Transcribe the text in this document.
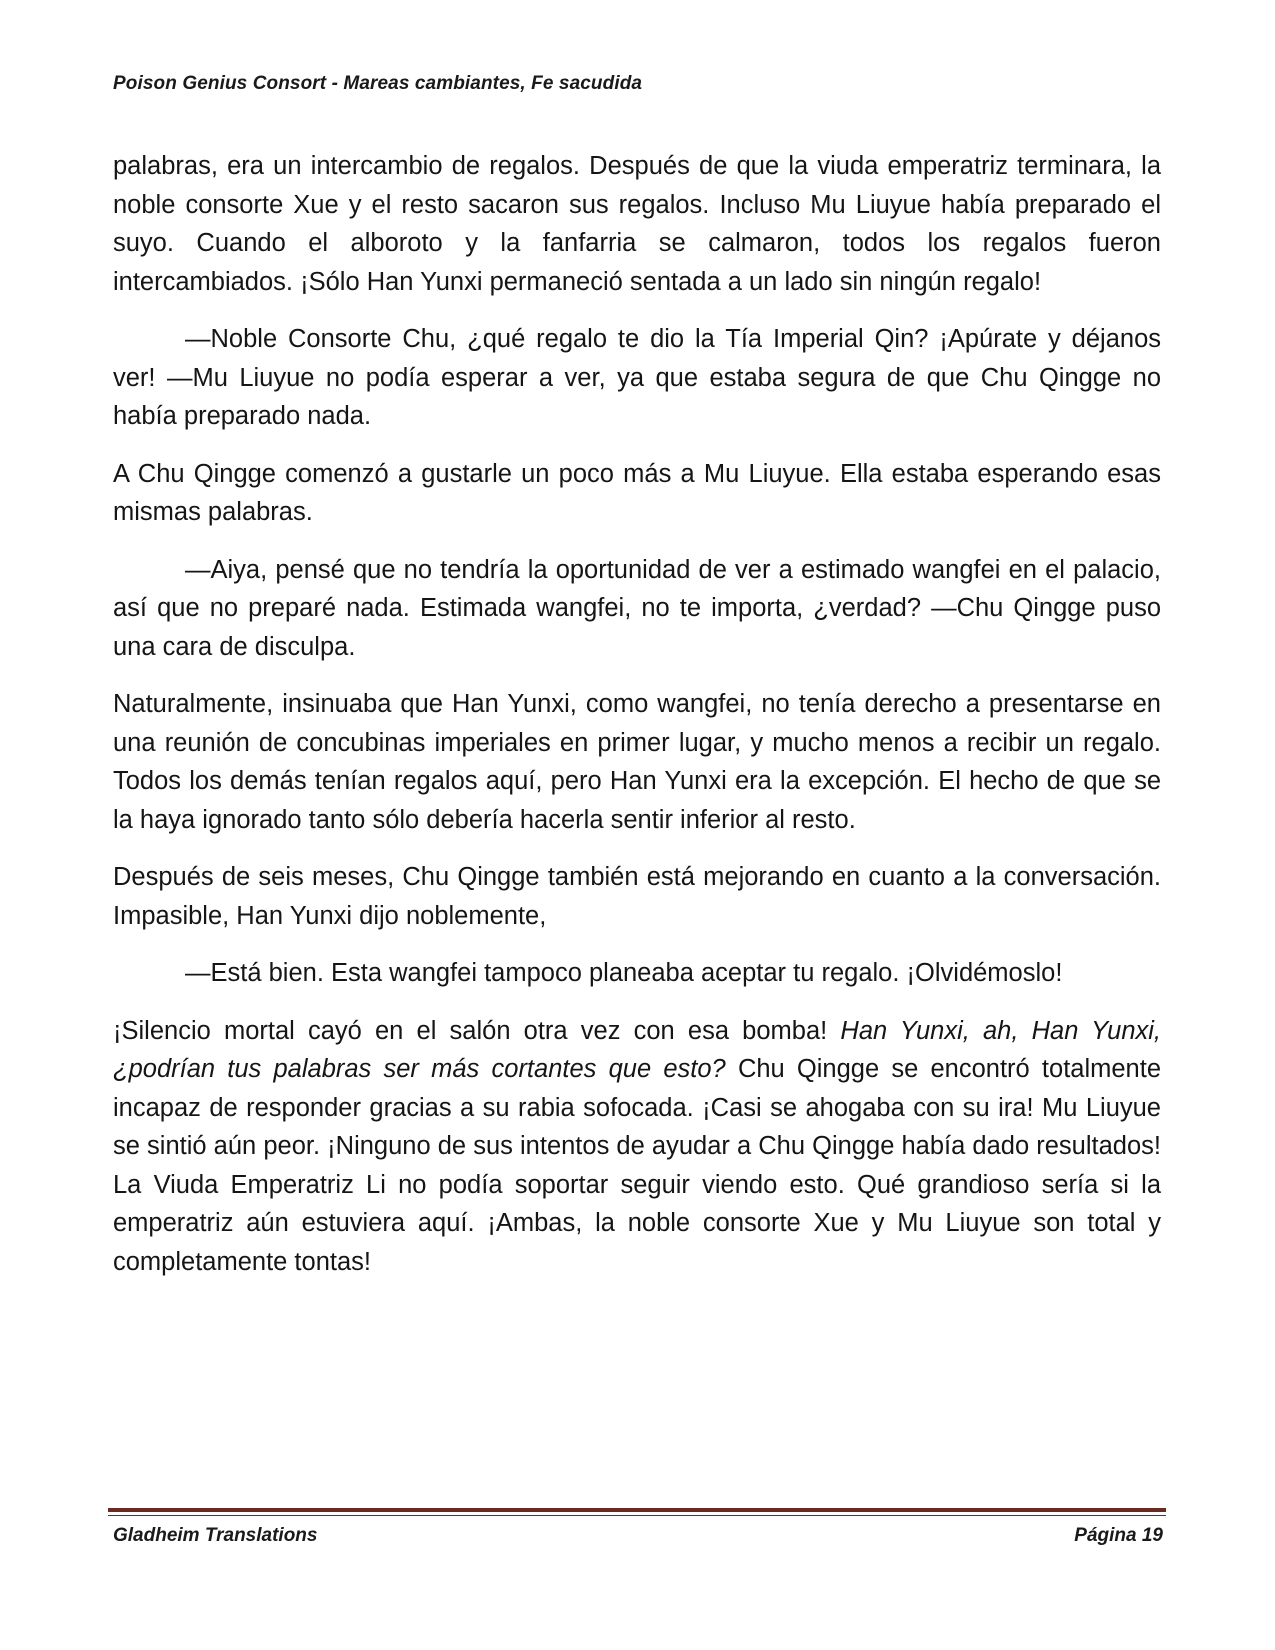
Poison Genius Consort - Mareas cambiantes, Fe sacudida

palabras, era un intercambio de regalos. Después de que la viuda emperatriz terminara, la noble consorte Xue y el resto sacaron sus regalos. Incluso Mu Liuyue había preparado el suyo. Cuando el alboroto y la fanfarria se calmaron, todos los regalos fueron intercambiados. ¡Sólo Han Yunxi permaneció sentada a un lado sin ningún regalo!

—Noble Consorte Chu, ¿qué regalo te dio la Tía Imperial Qin? ¡Apúrate y déjanos ver! —Mu Liuyue no podía esperar a ver, ya que estaba segura de que Chu Qingge no había preparado nada.

A Chu Qingge comenzó a gustarle un poco más a Mu Liuyue. Ella estaba esperando esas mismas palabras.

—Aiya, pensé que no tendría la oportunidad de ver a estimado wangfei en el palacio, así que no preparé nada. Estimada wangfei, no te importa, ¿verdad? —Chu Qingge puso una cara de disculpa.

Naturalmente, insinuaba que Han Yunxi, como wangfei, no tenía derecho a presentarse en una reunión de concubinas imperiales en primer lugar, y mucho menos a recibir un regalo. Todos los demás tenían regalos aquí, pero Han Yunxi era la excepción. El hecho de que se la haya ignorado tanto sólo debería hacerla sentir inferior al resto.

Después de seis meses, Chu Qingge también está mejorando en cuanto a la conversación. Impasible, Han Yunxi dijo noblemente,

—Está bien. Esta wangfei tampoco planeaba aceptar tu regalo. ¡Olvidémoslo!

¡Silencio mortal cayó en el salón otra vez con esa bomba! Han Yunxi, ah, Han Yunxi, ¿podrían tus palabras ser más cortantes que esto? Chu Qingge se encontró totalmente incapaz de responder gracias a su rabia sofocada. ¡Casi se ahogaba con su ira! Mu Liuyue se sintió aún peor. ¡Ninguno de sus intentos de ayudar a Chu Qingge había dado resultados! La Viuda Emperatriz Li no podía soportar seguir viendo esto. Qué grandioso sería si la emperatriz aún estuviera aquí. ¡Ambas, la noble consorte Xue y Mu Liuyue son total y completamente tontas!

Gladheim Translations	Página 19
